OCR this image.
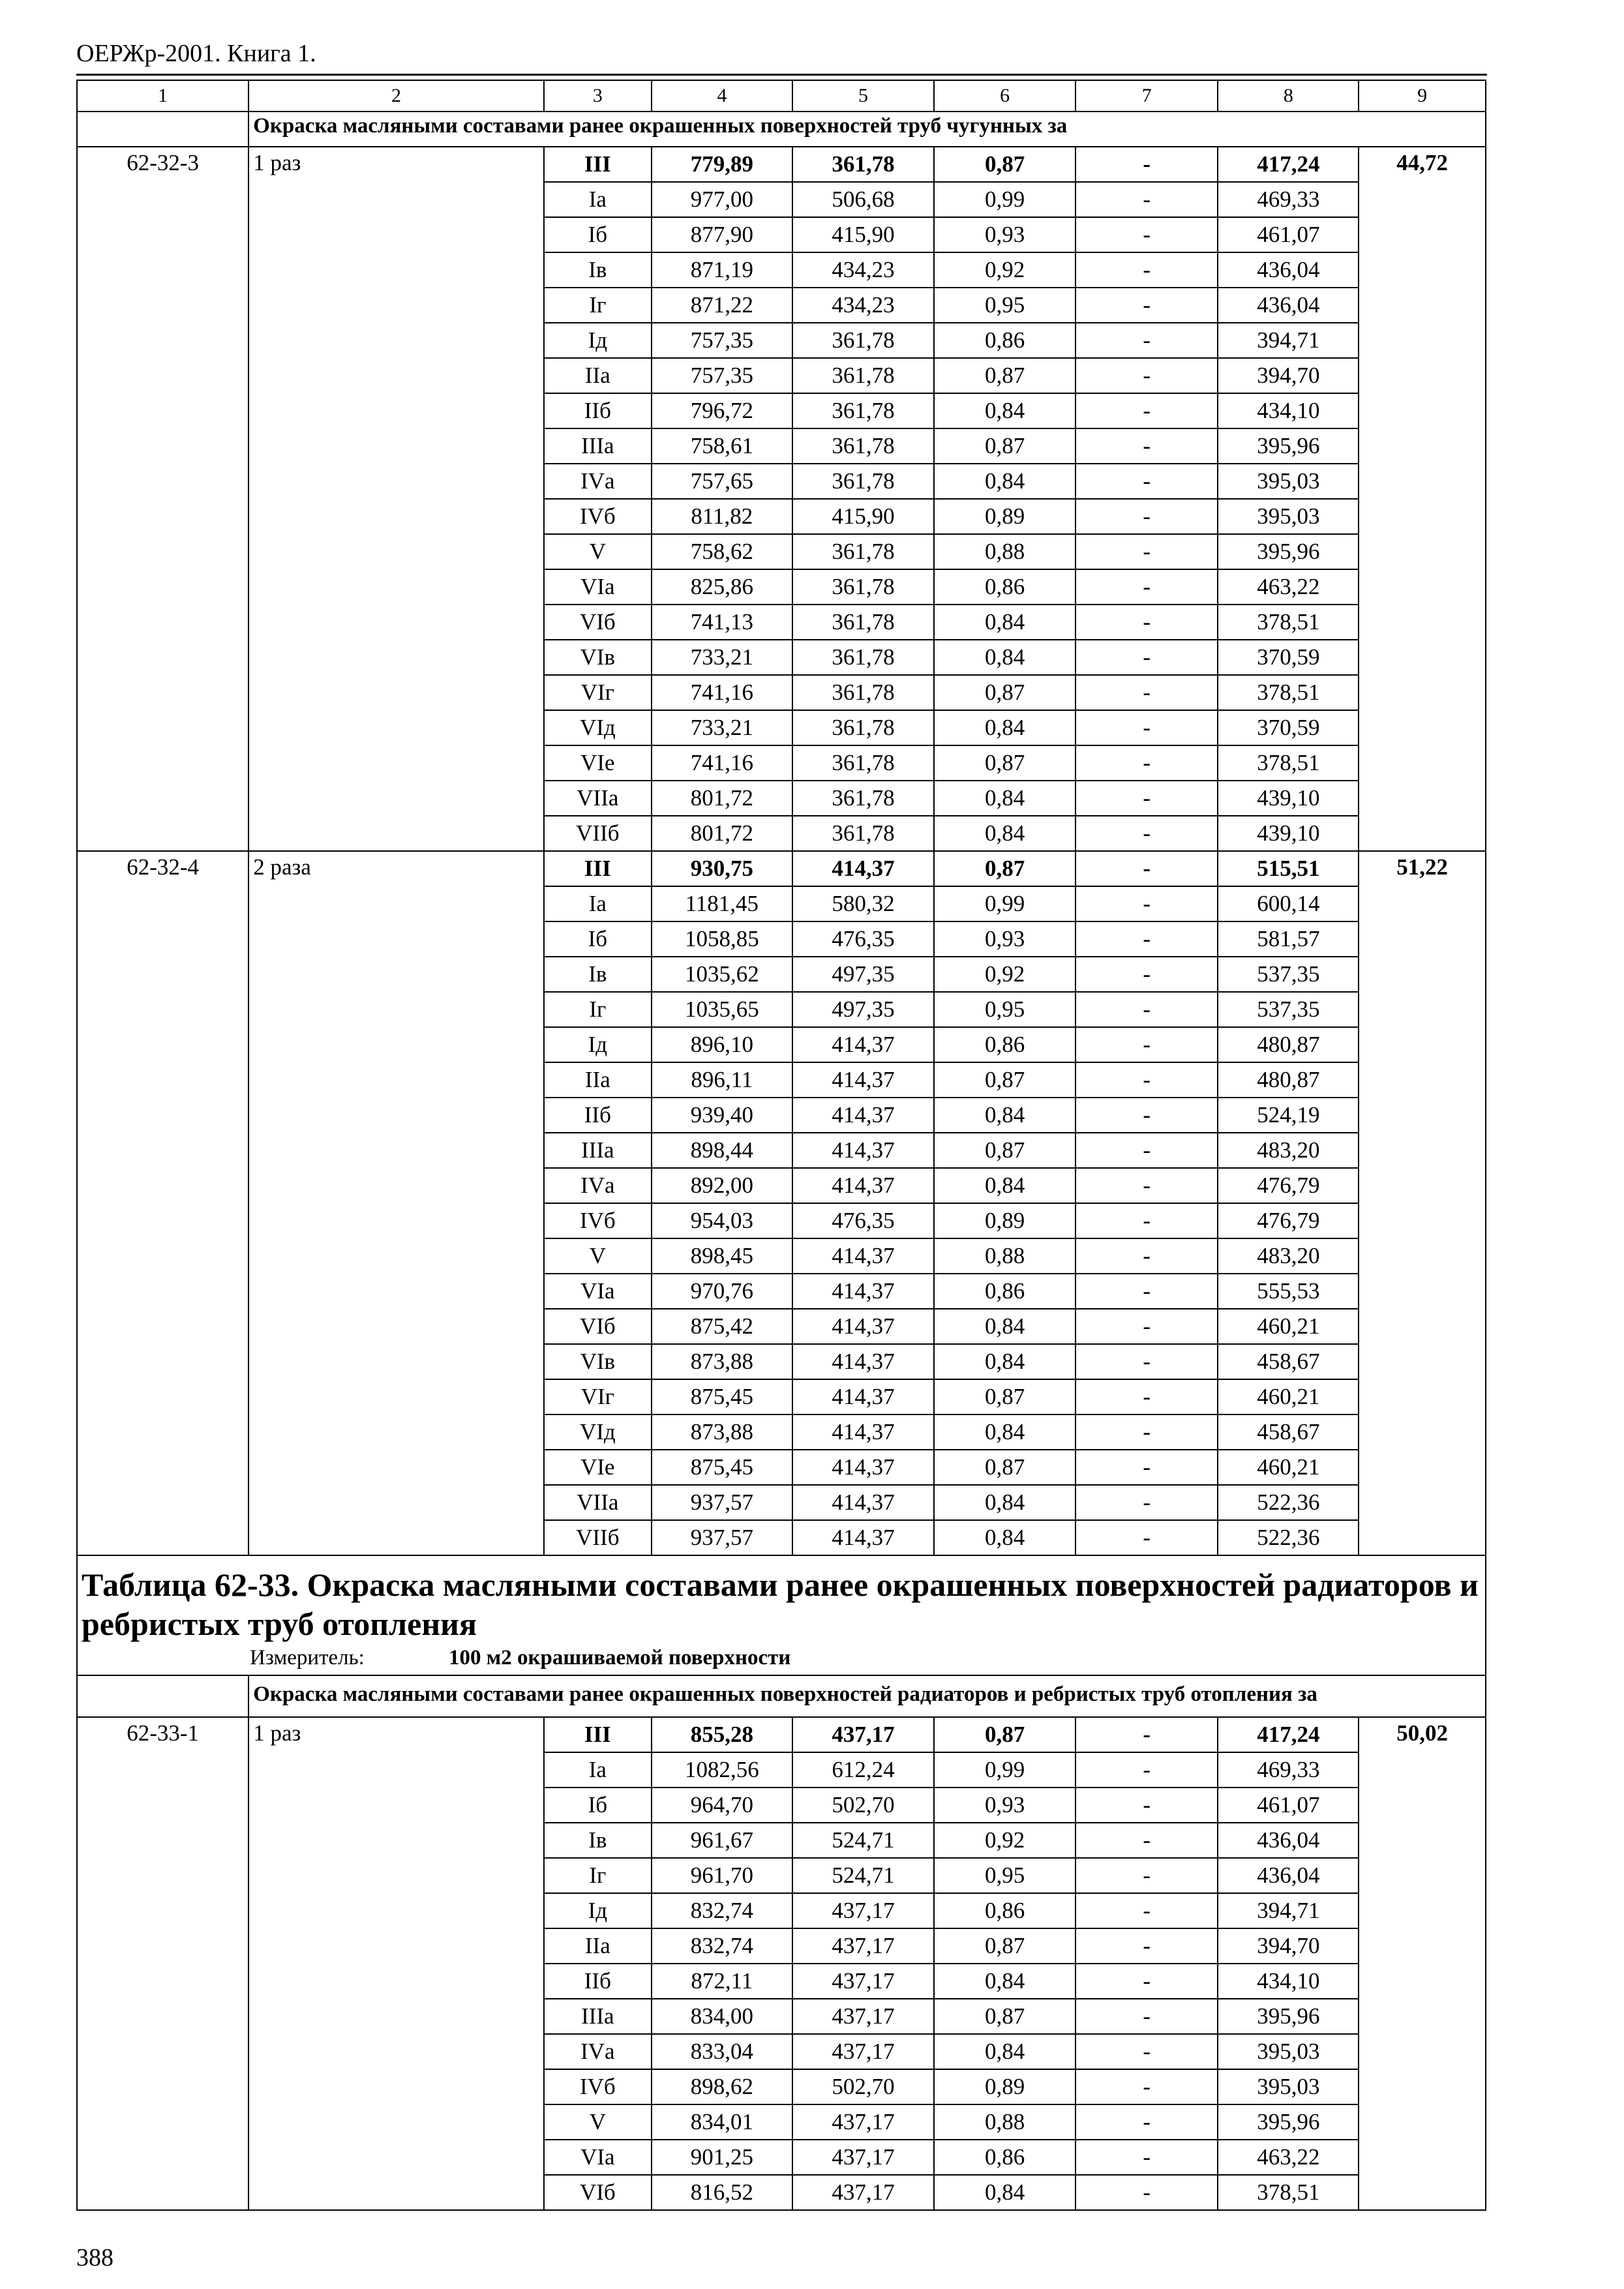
ОЕРЖр-2001. Книга 1.
1	2	3	4	5	6	7	8	9
	Окраска масляными составами ранее окрашенных поверхностей труб чугунных за							
62-32-3	1 раз	III	779,89	361,78	0,87	-	417,24	44,72
		Iа	977,00	506,68	0,99	-	469,33	
		Iб	877,90	415,90	0,93	-	461,07	
		Iв	871,19	434,23	0,92	-	436,04	
		Iг	871,22	434,23	0,95	-	436,04	
		Iд	757,35	361,78	0,86	-	394,71	
		IIа	757,35	361,78	0,87	-	394,70	
		IIб	796,72	361,78	0,84	-	434,10	
		IIIа	758,61	361,78	0,87	-	395,96	
		IVа	757,65	361,78	0,84	-	395,03	
		IVб	811,82	415,90	0,89	-	395,03	
		V	758,62	361,78	0,88	-	395,96	
		VIа	825,86	361,78	0,86	-	463,22	
		VIб	741,13	361,78	0,84	-	378,51	
		VIв	733,21	361,78	0,84	-	370,59	
		VIг	741,16	361,78	0,87	-	378,51	
		VIд	733,21	361,78	0,84	-	370,59	
		VIе	741,16	361,78	0,87	-	378,51	
		VIIа	801,72	361,78	0,84	-	439,10	
		VIIб	801,72	361,78	0,84	-	439,10	
62-32-4	2 раза	III	930,75	414,37	0,87	-	515,51	51,22
		Iа	1181,45	580,32	0,99	-	600,14	
		Iб	1058,85	476,35	0,93	-	581,57	
		Iв	1035,62	497,35	0,92	-	537,35	
		Iг	1035,65	497,35	0,95	-	537,35	
		Iд	896,10	414,37	0,86	-	480,87	
		IIа	896,11	414,37	0,87	-	480,87	
		IIб	939,40	414,37	0,84	-	524,19	
		IIIа	898,44	414,37	0,87	-	483,20	
		IVа	892,00	414,37	0,84	-	476,79	
		IVб	954,03	476,35	0,89	-	476,79	
		V	898,45	414,37	0,88	-	483,20	
		VIа	970,76	414,37	0,86	-	555,53	
		VIб	875,42	414,37	0,84	-	460,21	
		VIв	873,88	414,37	0,84	-	458,67	
		VIг	875,45	414,37	0,87	-	460,21	
		VIд	873,88	414,37	0,84	-	458,67	
		VIе	875,45	414,37	0,87	-	460,21	
		VIIа	937,57	414,37	0,84	-	522,36	
		VIIб	937,57	414,37	0,84	-	522,36	

Таблица 62-33. Окраска масляными составами ранее окрашенных поверхностей радиаторов и ребристых труб отопления
Измеритель: 100 м2 окрашиваемой поверхности								

	Окраска масляными составами ранее окрашенных поверхностей радиаторов и ребристых труб отопления за							
62-33-1	1 раз	III	855,28	437,17	0,87	-	417,24	50,02
		Iа	1082,56	612,24	0,99	-	469,33	
		Iб	964,70	502,70	0,93	-	461,07	
		Iв	961,67	524,71	0,92	-	436,04	
		Iг	961,70	524,71	0,95	-	436,04	
		Iд	832,74	437,17	0,86	-	394,71	
		IIа	832,74	437,17	0,87	-	394,70	
		IIб	872,11	437,17	0,84	-	434,10	
		IIIа	834,00	437,17	0,87	-	395,96	
		IVа	833,04	437,17	0,84	-	395,03	
		IVб	898,62	502,70	0,89	-	395,03	
		V	834,01	437,17	0,88	-	395,96	
		VIа	901,25	437,17	0,86	-	463,22	
		VIб	816,52	437,17	0,84	-	378,51	
388
